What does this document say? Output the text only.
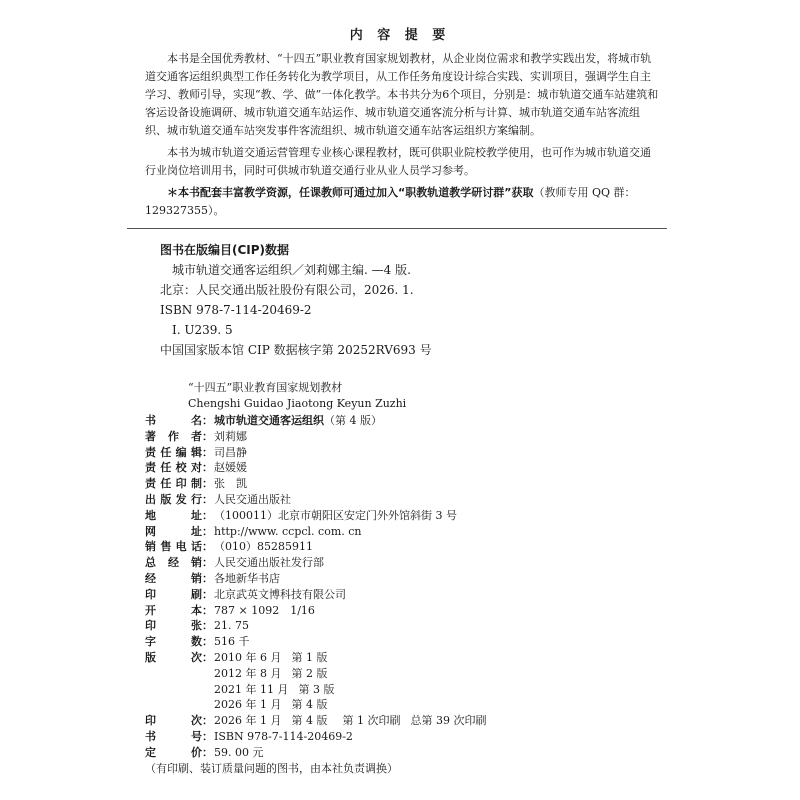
内 容 提 要

本书是全国优秀教材、“十四五”职业教育国家规划教材，从企业岗位需求和教学实践出发，将城市轨道交通客运组织典型工作任务转化为教学项目，从工作任务角度设计综合实践、实训项目，强调学生自主学习、教师引导，实现“教、学、做”一体化教学。本书共分为6个项目，分别是：城市轨道交通车站建筑和客运设备设施调研、城市轨道交通车站运作、城市轨道交通客流分析与计算、城市轨道交通车站客流组织、城市轨道交通车站突发事件客流组织、城市轨道交通车站客运组织方案编制。

本书为城市轨道交通运营管理专业核心课程教材，既可供职业院校教学使用，也可作为城市轨道交通行业岗位培训用书，同时可供城市轨道交通行业从业人员学习参考。

＊本书配套丰富教学资源，任课教师可通过加入“职教轨道教学研讨群”获取（教师专用 QQ 群：129327355）。

图书在版编目(CIP)数据
城市轨道交通客运组织／刘莉娜主编. —4 版.
北京：人民交通出版社股份有限公司，2026. 1.
ISBN 978-7-114-20469-2
Ⅰ. U239. 5
中国国家版本馆 CIP 数据核字第 20252RV693 号
“十四五”职业教育国家规划教材
Chengshi Guidao Jiaotong Keyun Zuzhi
书	名 ： 城市轨道交通客运组织（第 4 版）
著 作 者 ： 刘莉娜
责 任 编 辑 ： 司昌静
责 任 校 对 ： 赵媛媛
责 任 印 制 ： 张　凯
出 版 发 行 ： 人民交通出版社
地	址 ： （100011）北京市朝阳区安定门外外馆斜街 3 号
网	址 ： http://www. ccpcl. com. cn
销 售 电 话 ： （010）85285911
总 经 销 ： 人民交通出版社发行部
经	销 ： 各地新华书店
印	刷 ： 北京武英文博科技有限公司
开	本 ： 787 × 1092　1/16
印	张 ： 21. 75
字	数 ： 516 千
版	次 ： 2010 年 6 月 第 1 版
2012 年 8 月 第 2 版
2021 年 11 月 第 3 版
2026 年 1 月 第 4 版
印	次 ： 2026 年 1 月 第 4 版 第 1 次印刷 总第 39 次印刷
书	号 ： ISBN 978-7-114-20469-2
定	价 ： 59. 00 元
（有印刷、装订质量问题的图书，由本社负责调换）
